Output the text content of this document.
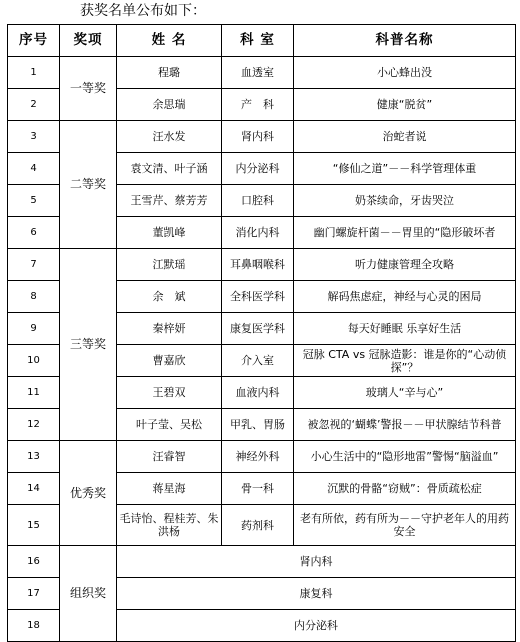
获奖名单公布如下：
序号	奖项	姓 名	科 室	科普名称
1	一等奖	程璐	血透室	小心蜂出没
2		余思瑞	产　科	健康“脱贫”
3	二等奖	汪水发	肾内科	治蛇者说
4		袁文清、叶子涵	内分泌科	“修仙之道”－－科学管理体重
5		王雪芹、蔡芳芳	口腔科	奶茶续命，牙齿哭泣
6		董凯峰	消化内科	幽门螺旋杆菌－－胃里的“隐形破坏者
7	三等奖	江默瑶	耳鼻咽喉科	听力健康管理全攻略
8		余　斌	全科医学科	解码焦虑症，神经与心灵的困局
9		秦梓妍	康复医学科	每天好睡眠 乐享好生活
10		曹嘉欣	介入室	冠脉 CTA vs 冠脉造影：谁是你的“心动侦探”？
11		王碧双	血液内科	玻璃人“辛与心”
12		叶子莹、吴松	甲乳、胃肠	被忽视的‘蝴蝶’警报－－甲状腺结节科普
13	优秀奖	汪睿智	神经外科	小心生活中的“隐形地雷”警惕“脑溢血”
14		蒋星海	骨一科	沉默的骨骼“窃贼”：骨质疏松症
15		毛诗怡、程桂芳、朱洪杨	药剂科	老有所依，药有所为－－守护老年人的用药安全
16	组织奖	肾内科		
17		康复科		
18		内分泌科		
